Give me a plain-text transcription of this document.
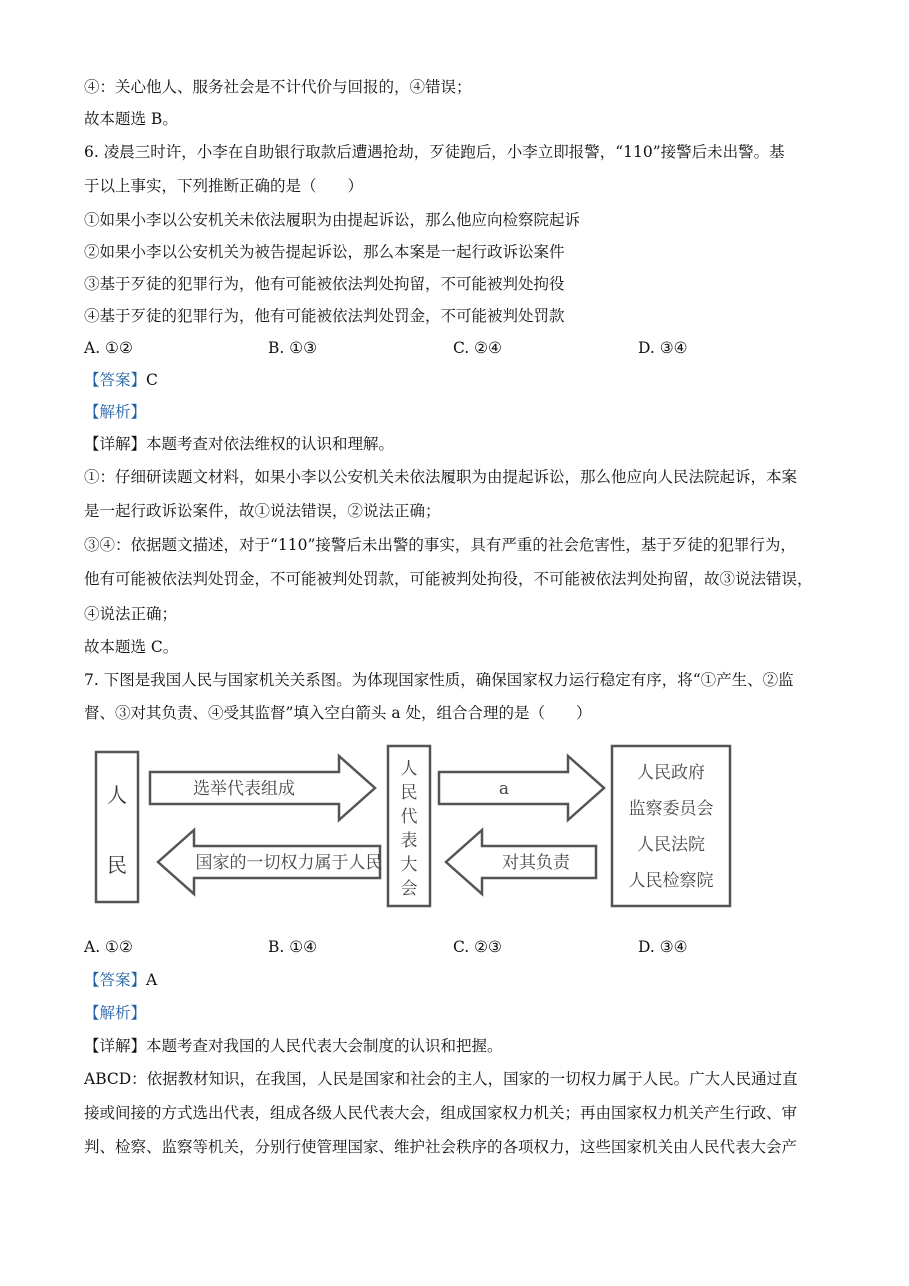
④：关心他人、服务社会是不计代价与回报的，④错误；
故本题选 B。
6. 凌晨三时许，小李在自助银行取款后遭遇抢劫，歹徒跑后，小李立即报警，“110”接警后未出警。基
于以上事实，下列推断正确的是（　　）
①如果小李以公安机关未依法履职为由提起诉讼，那么他应向检察院起诉
②如果小李以公安机关为被告提起诉讼，那么本案是一起行政诉讼案件
③基于歹徒的犯罪行为，他有可能被依法判处拘留，不可能被判处拘役
④基于歹徒的犯罪行为，他有可能被依法判处罚金，不可能被判处罚款
A. ①②	B. ①③	C. ②④	D. ③④
【答案】C
【解析】
【详解】本题考查对依法维权的认识和理解。
①：仔细研读题文材料，如果小李以公安机关未依法履职为由提起诉讼，那么他应向人民法院起诉，本案
是一起行政诉讼案件，故①说法错误，②说法正确；
③④：依据题文描述，对于“110”接警后未出警的事实，具有严重的社会危害性，基于歹徒的犯罪行为，
他有可能被依法判处罚金，不可能被判处罚款，可能被判处拘役，不可能被依法判处拘留，故③说法错误，
④说法正确；
故本题选 C。
7. 下图是我国人民与国家机关关系图。为体现国家性质，确保国家权力运行稳定有序，将“①产生、②监
督、③对其负责、④受其监督”填入空白箭头 a 处，组合合理的是（　　）
人
民
选举代表组成
国家的一切权力属于人民
人
民
代
表
大
会
a
对其负责
人民政府
监察委员会
人民法院
人民检察院
A. ①②	B. ①④	C. ②③	D. ③④
【答案】A
【解析】
【详解】本题考查对我国的人民代表大会制度的认识和把握。
ABCD：依据教材知识，在我国，人民是国家和社会的主人，国家的一切权力属于人民。广大人民通过直
接或间接的方式选出代表，组成各级人民代表大会，组成国家权力机关；再由国家权力机关产生行政、审
判、检察、监察等机关，分别行使管理国家、维护社会秩序的各项权力，这些国家机关由人民代表大会产
